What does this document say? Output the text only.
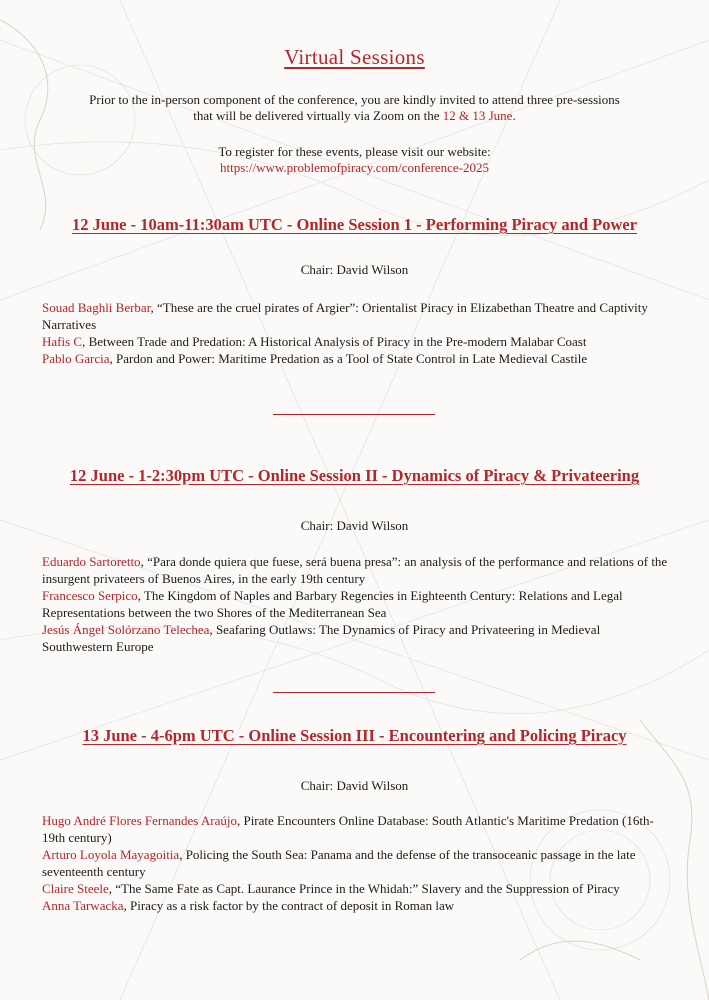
Virtual Sessions
Prior to the in-person component of the conference, you are kindly invited to attend three pre-sessions
that will be delivered virtually via Zoom on the 12 & 13 June.
To register for these events, please visit our website:
https://www.problemofpiracy.com/conference-2025
12 June - 10am-11:30am UTC - Online Session 1 - Performing Piracy and Power
Chair: David Wilson

Souad Baghli Berbar, “These are the cruel pirates of Argier”: Orientalist Piracy in Elizabethan Theatre and Captivity Narratives

Hafis C, Between Trade and Predation: A Historical Analysis of Piracy in the Pre-modern Malabar Coast

Pablo Garcia, Pardon and Power: Maritime Predation as a Tool of State Control in Late Medieval Castile

12 June - 1-2:30pm UTC - Online Session II - Dynamics of Piracy & Privateering
Chair: David Wilson

Eduardo Sartoretto, “Para donde quiera que fuese, será buena presa”: an analysis of the performance and relations of the insurgent privateers of Buenos Aires, in the early 19th century

Francesco Serpico, The Kingdom of Naples and Barbary Regencies in Eighteenth Century: Relations and Legal Representations between the two Shores of the Mediterranean Sea

Jesús Ángel Solórzano Telechea, Seafaring Outlaws: The Dynamics of Piracy and Privateering in Medieval Southwestern Europe

13 June - 4-6pm UTC - Online Session III - Encountering and Policing Piracy
Chair: David Wilson

Hugo André Flores Fernandes Araújo, Pirate Encounters Online Database: South Atlantic's Maritime Predation (16th-19th century)

Arturo Loyola Mayagoitia, Policing the South Sea: Panama and the defense of the transoceanic passage in the late seventeenth century

Claire Steele, “The Same Fate as Capt. Laurance Prince in the Whidah:” Slavery and the Suppression of Piracy

Anna Tarwacka, Piracy as a risk factor by the contract of deposit in Roman law
